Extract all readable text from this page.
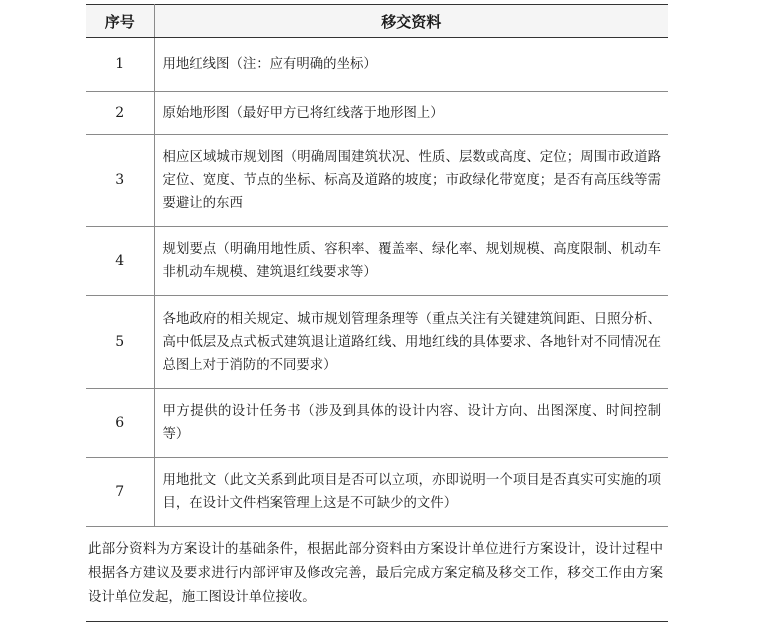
序号	移交资料
1	用地红线图（注：应有明确的坐标）
2	原始地形图（最好甲方已将红线落于地形图上）
3	相应区域城市规划图（明确周围建筑状况、性质、层数或高度、定位；周围市政道路定位、宽度、节点的坐标、标高及道路的坡度；市政绿化带宽度；是否有高压线等需要避让的东西
4	规划要点（明确用地性质、容积率、覆盖率、绿化率、规划规模、高度限制、机动车非机动车规模、建筑退红线要求等）
5	各地政府的相关规定、城市规划管理条理等（重点关注有关键建筑间距、日照分析、高中低层及点式板式建筑退让道路红线、用地红线的具体要求、各地针对不同情况在总图上对于消防的不同要求）
6	甲方提供的设计任务书（涉及到具体的设计内容、设计方向、出图深度、时间控制等）
7	用地批文（此文关系到此项目是否可以立项，亦即说明一个项目是否真实可实施的项目，在设计文件档案管理上这是不可缺少的文件）
此部分资料为方案设计的基础条件，根据此部分资料由方案设计单位进行方案设计，设计过程中根据各方建议及要求进行内部评审及修改完善，最后完成方案定稿及移交工作，移交工作由方案设计单位发起，施工图设计单位接收。	
